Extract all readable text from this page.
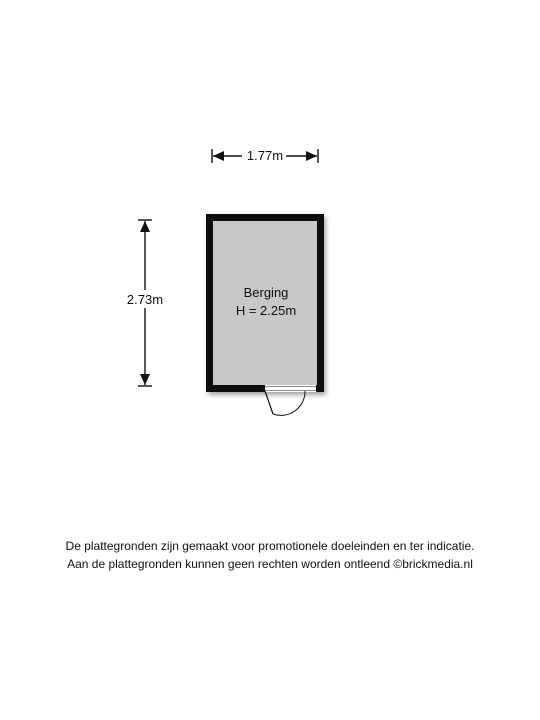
1.77m
2.73m	Berging
H = 2.25m
De plattegronden zijn gemaakt voor promotionele doeleinden en ter indicatie.
Aan de plattegronden kunnen geen rechten worden ontleend ©brickmedia.nl
